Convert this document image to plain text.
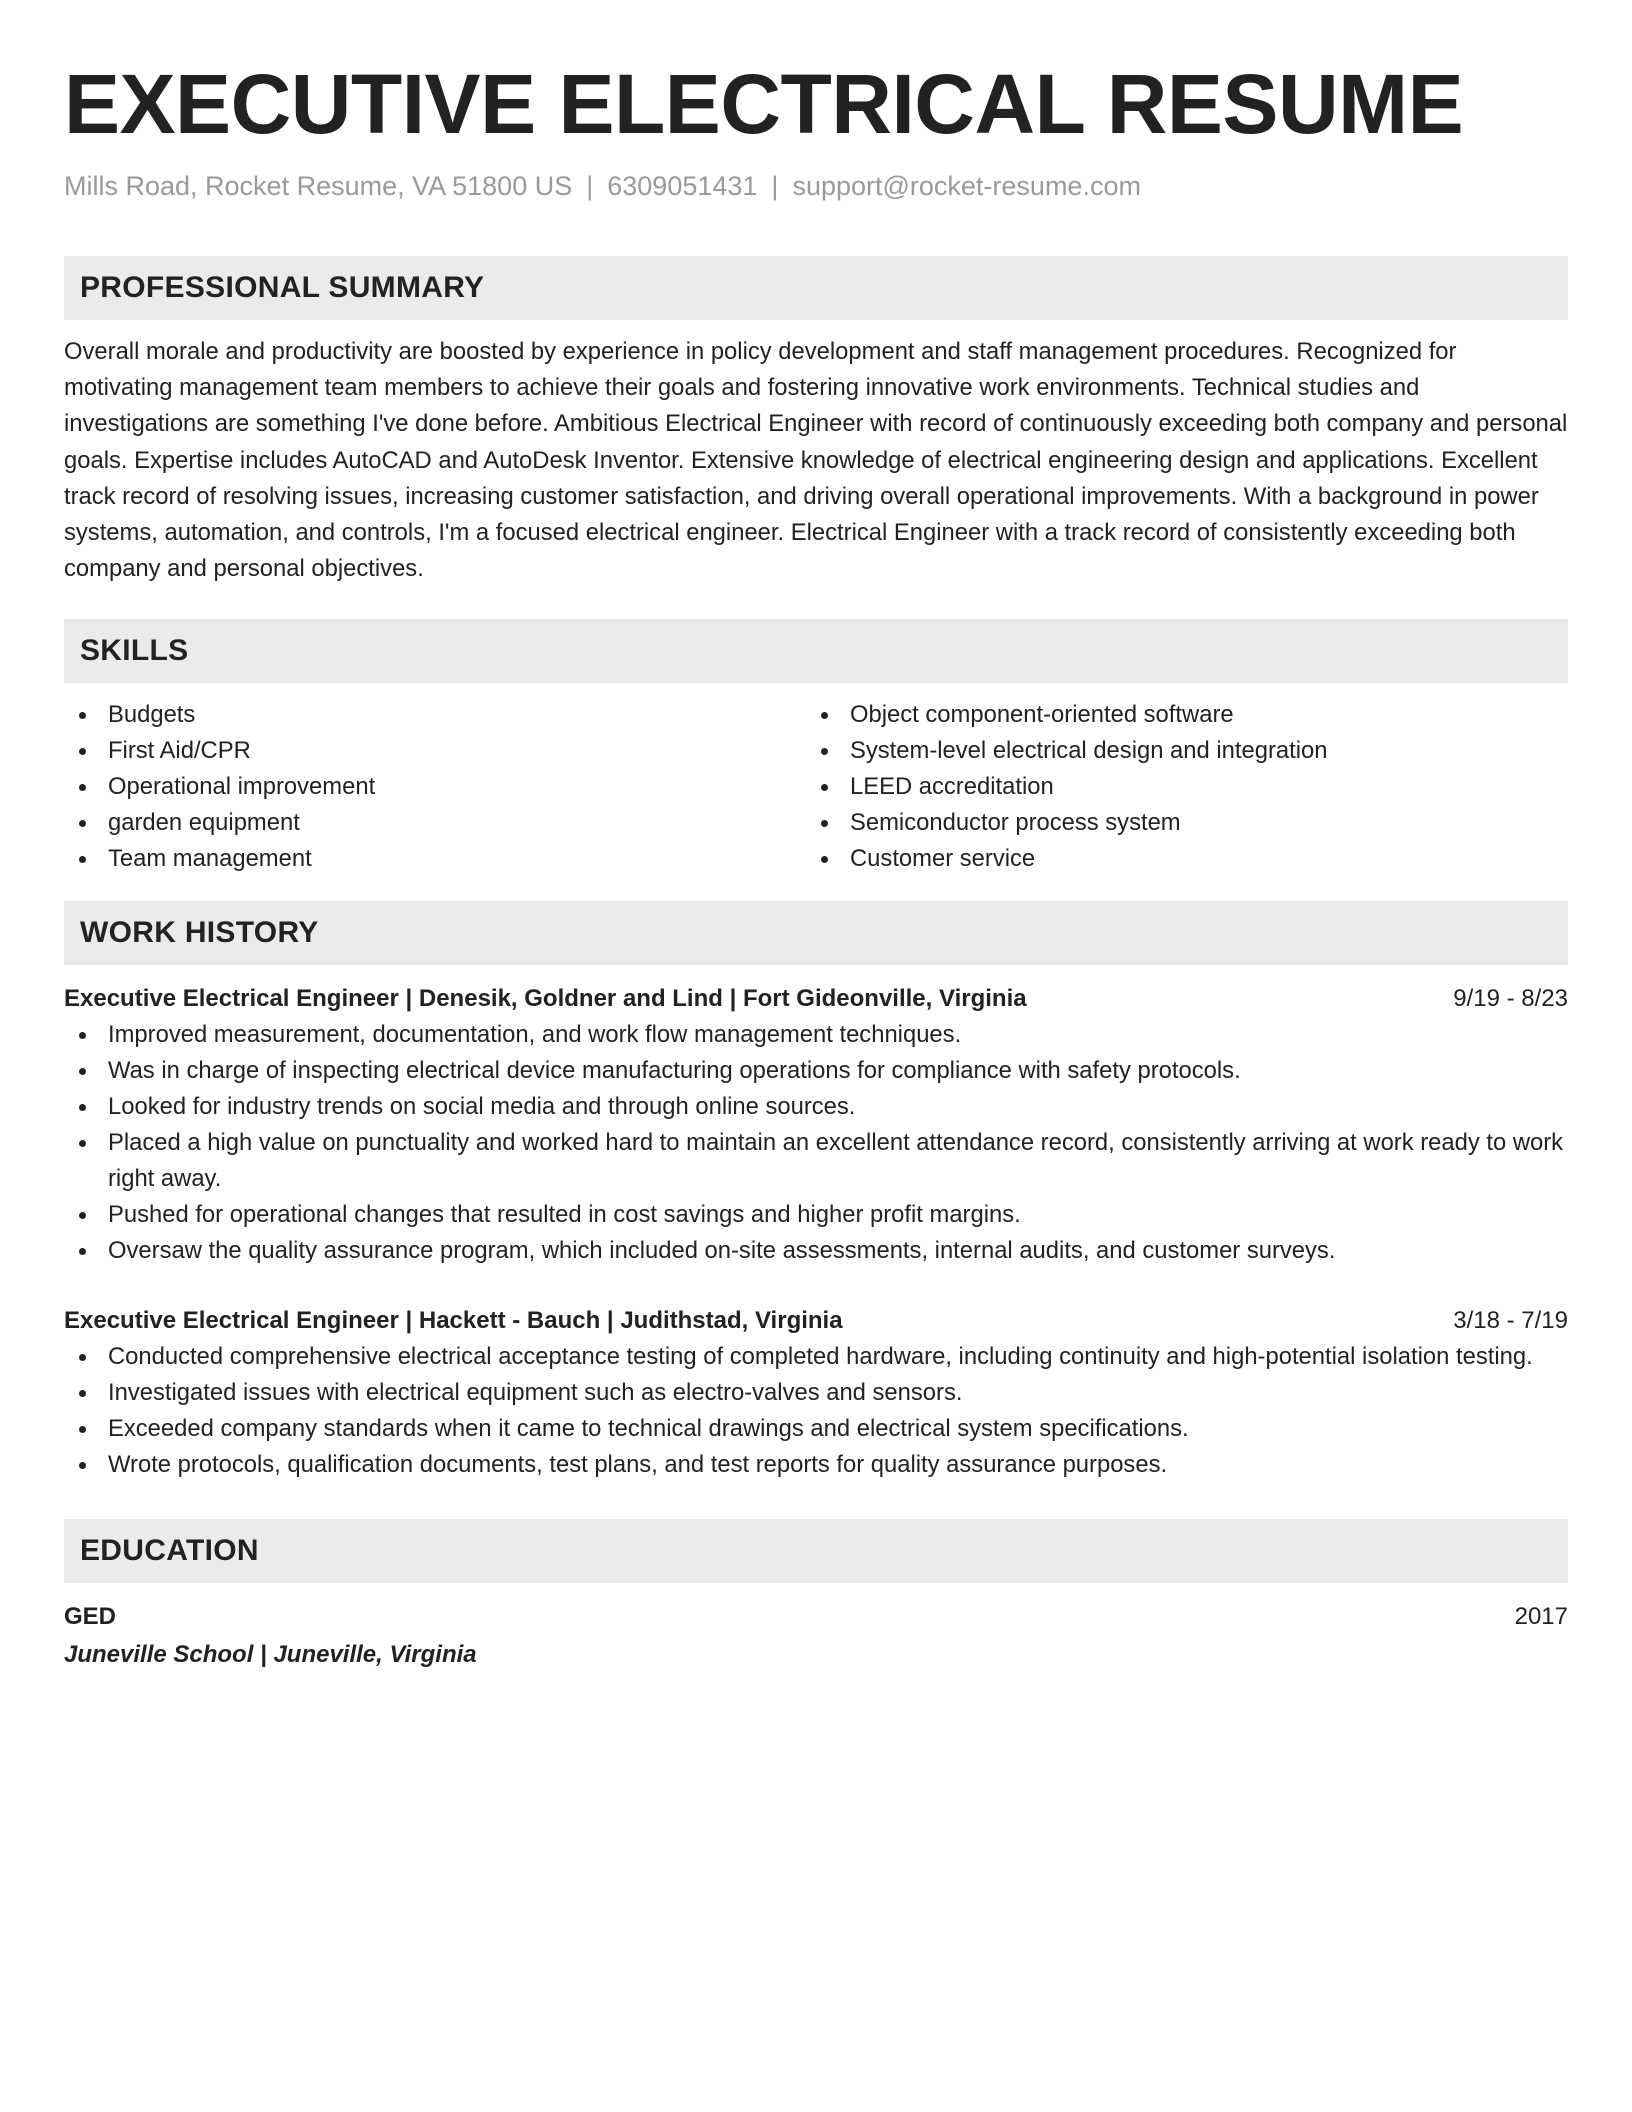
EXECUTIVE ELECTRICAL RESUME
Mills Road, Rocket Resume, VA 51800 US | 6309051431 | support@rocket-resume.com
PROFESSIONAL SUMMARY
Overall morale and productivity are boosted by experience in policy development and staff management procedures. Recognized for motivating management team members to achieve their goals and fostering innovative work environments. Technical studies and investigations are something I've done before. Ambitious Electrical Engineer with record of continuously exceeding both company and personal goals. Expertise includes AutoCAD and AutoDesk Inventor. Extensive knowledge of electrical engineering design and applications. Excellent track record of resolving issues, increasing customer satisfaction, and driving overall operational improvements. With a background in power systems, automation, and controls, I'm a focused electrical engineer. Electrical Engineer with a track record of consistently exceeding both company and personal objectives.
SKILLS
Budgets
First Aid/CPR
Operational improvement
garden equipment
Team management
Object component-oriented software
System-level electrical design and integration
LEED accreditation
Semiconductor process system
Customer service
WORK HISTORY
Executive Electrical Engineer | Denesik, Goldner and Lind | Fort Gideonville, Virginia	9/19 - 8/23
Improved measurement, documentation, and work flow management techniques.
Was in charge of inspecting electrical device manufacturing operations for compliance with safety protocols.
Looked for industry trends on social media and through online sources.
Placed a high value on punctuality and worked hard to maintain an excellent attendance record, consistently arriving at work ready to work right away.
Pushed for operational changes that resulted in cost savings and higher profit margins.
Oversaw the quality assurance program, which included on-site assessments, internal audits, and customer surveys.
Executive Electrical Engineer | Hackett - Bauch | Judithstad, Virginia	3/18 - 7/19
Conducted comprehensive electrical acceptance testing of completed hardware, including continuity and high-potential isolation testing.
Investigated issues with electrical equipment such as electro-valves and sensors.
Exceeded company standards when it came to technical drawings and electrical system specifications.
Wrote protocols, qualification documents, test plans, and test reports for quality assurance purposes.
EDUCATION
GED	2017
Juneville School | Juneville, Virginia
